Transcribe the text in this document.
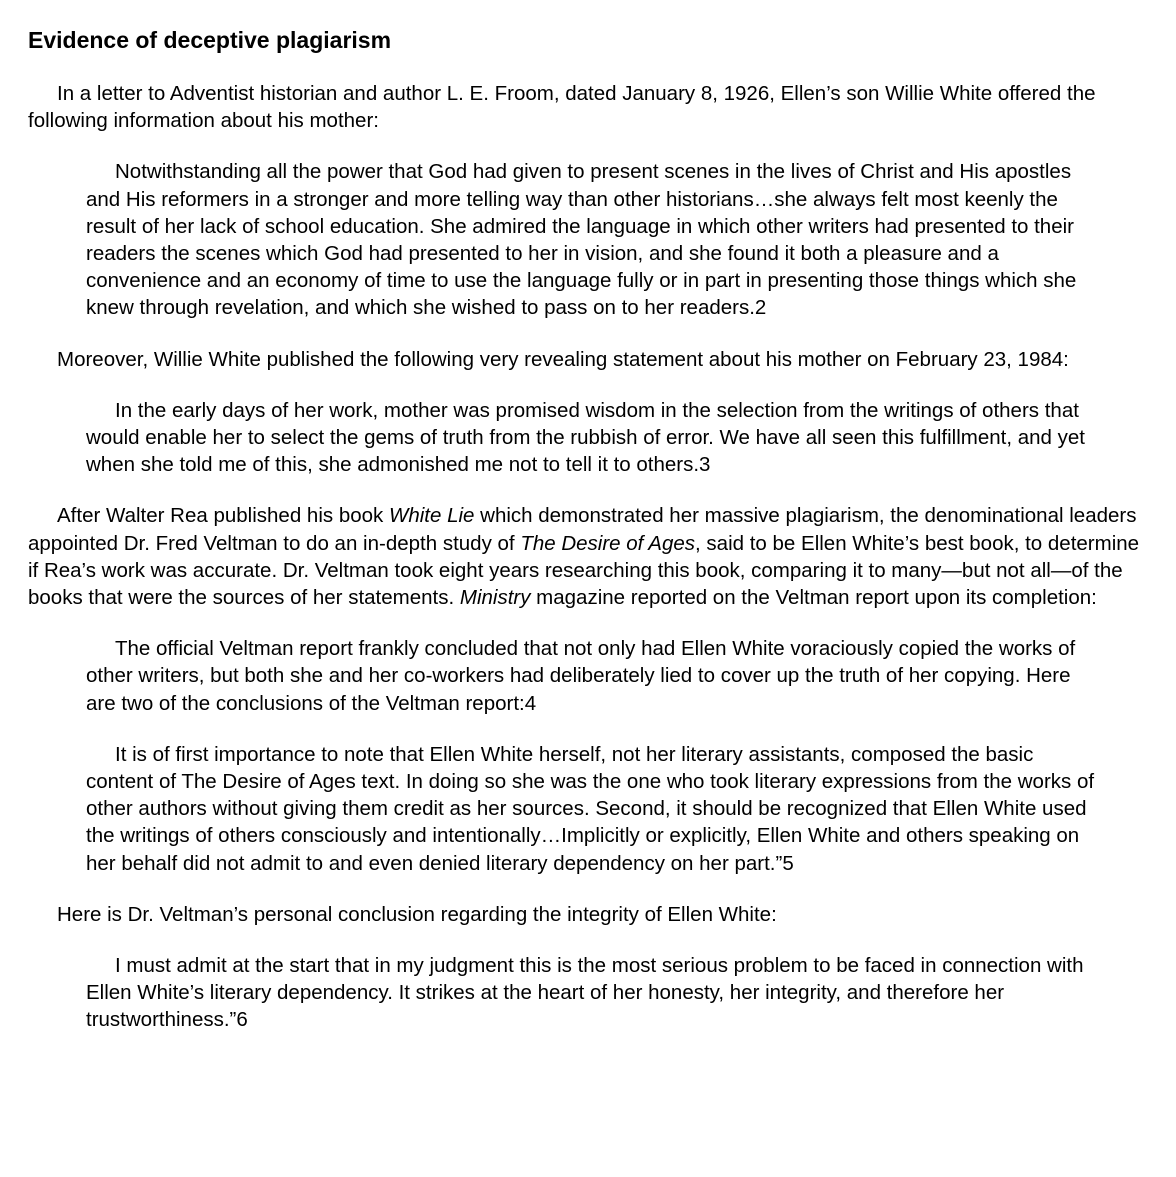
Evidence of deceptive plagiarism

In a letter to Adventist historian and author L. E. Froom, dated January 8, 1926, Ellen’s son Willie White offered the following information about his mother:

Notwithstanding all the power that God had given to present scenes in the lives of Christ and His apostles and His reformers in a stronger and more telling way than other historians…she always felt most keenly the result of her lack of school education. She admired the language in which other writers had presented to their readers the scenes which God had presented to her in vision, and she found it both a pleasure and a convenience and an economy of time to use the language fully or in part in presenting those things which she knew through revelation, and which she wished to pass on to her readers.2

Moreover, Willie White published the following very revealing statement about his mother on February 23, 1984:

In the early days of her work, mother was promised wisdom in the selection from the writings of others that would enable her to select the gems of truth from the rubbish of error. We have all seen this fulfillment, and yet when she told me of this, she admonished me not to tell it to others.3

After Walter Rea published his book White Lie which demonstrated her massive plagiarism, the denominational leaders appointed Dr. Fred Veltman to do an in-depth study of The Desire of Ages, said to be Ellen White’s best book, to determine if Rea’s work was accurate. Dr. Veltman took eight years researching this book, comparing it to many—but not all—of the books that were the sources of her statements. Ministry magazine reported on the Veltman report upon its completion:

The official Veltman report frankly concluded that not only had Ellen White voraciously copied the works of other writers, but both she and her co-workers had deliberately lied to cover up the truth of her copying. Here are two of the conclusions of the Veltman report:4

It is of first importance to note that Ellen White herself, not her literary assistants, composed the basic content of The Desire of Ages text. In doing so she was the one who took literary expressions from the works of other authors without giving them credit as her sources. Second, it should be recognized that Ellen White used the writings of others consciously and intentionally…Implicitly or explicitly, Ellen White and others speaking on her behalf did not admit to and even denied literary dependency on her part.”5

Here is Dr. Veltman’s personal conclusion regarding the integrity of Ellen White:

I must admit at the start that in my judgment this is the most serious problem to be faced in connection with Ellen White’s literary dependency. It strikes at the heart of her honesty, her integrity, and therefore her trustworthiness.”6
